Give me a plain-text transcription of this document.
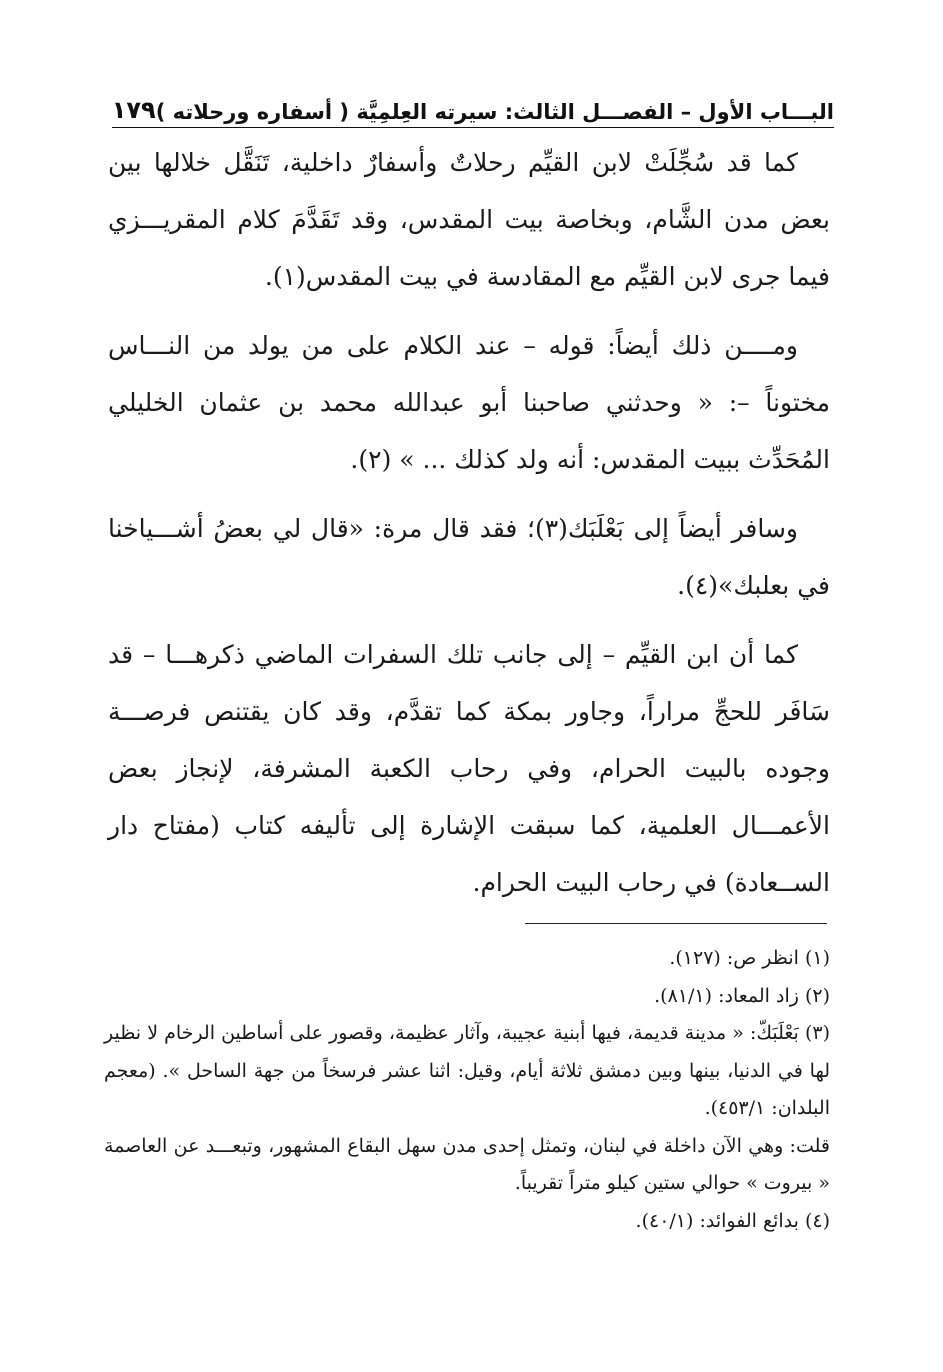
البـــاب الأول – الفصـــل الثالث: سيرته العِلمِيَّة ( أسفاره ورحلاته )
١٧٩

كما قد سُجِّلَتْ لابن القيِّم رحلاتٌ وأسفارٌ داخلية، تَنَقَّل خلالها بين بعض مدن الشَّام، وبخاصة بيت المقدس، وقد تَقَدَّمَ كلام المقريـــزي فيما جرى لابن القيِّم مع المقادسة في بيت المقدس(١).

ومــــن ذلك أيضاً: قوله – عند الكلام على من يولد من النـــاس مختوناً –: « وحدثني صاحبنا أبو عبدالله محمد بن عثمان الخليلي المُحَدِّث ببيت المقدس: أنه ولد كذلك ... » (٢).

وسافر أيضاً إلى بَعْلَبَك(٣)؛ فقد قال مرة: «قال لي بعضُ أشـــياخنا في بعلبك»(٤).

كما أن ابن القيِّم – إلى جانب تلك السفرات الماضي ذكرهـــا – قد سَافَر للحجِّ مراراً، وجاور بمكة كما تقدَّم، وقد كان يقتنص فرصـــة وجوده بالبيت الحرام، وفي رحاب الكعبة المشرفة، لإنجاز بعض الأعمـــال العلمية، كما سبقت الإشارة إلى تأليفه كتاب (مفتاح دار الســعادة) في رحاب البيت الحرام.

(١) انظر ص: (١٢٧).

(٢) زاد المعاد: (٨١/١).

(٣) بَعْلَبَكّ: « مدينة قديمة، فيها أبنية عجيبة، وآثار عظيمة، وقصور على أساطين الرخام لا نظير لها في الدنيا، بينها وبين دمشق ثلاثة أيام، وقيل: اثنا عشر فرسخاً من جهة الساحل ». (معجم البلدان: ٤٥٣/١).

قلت: وهي الآن داخلة في لبنان، وتمثل إحدى مدن سهل البقاع المشهور، وتبعـــد عن العاصمة « بيروت » حوالي ستين كيلو متراً تقريباً.

(٤) بدائع الفوائد: (٤٠/١).
